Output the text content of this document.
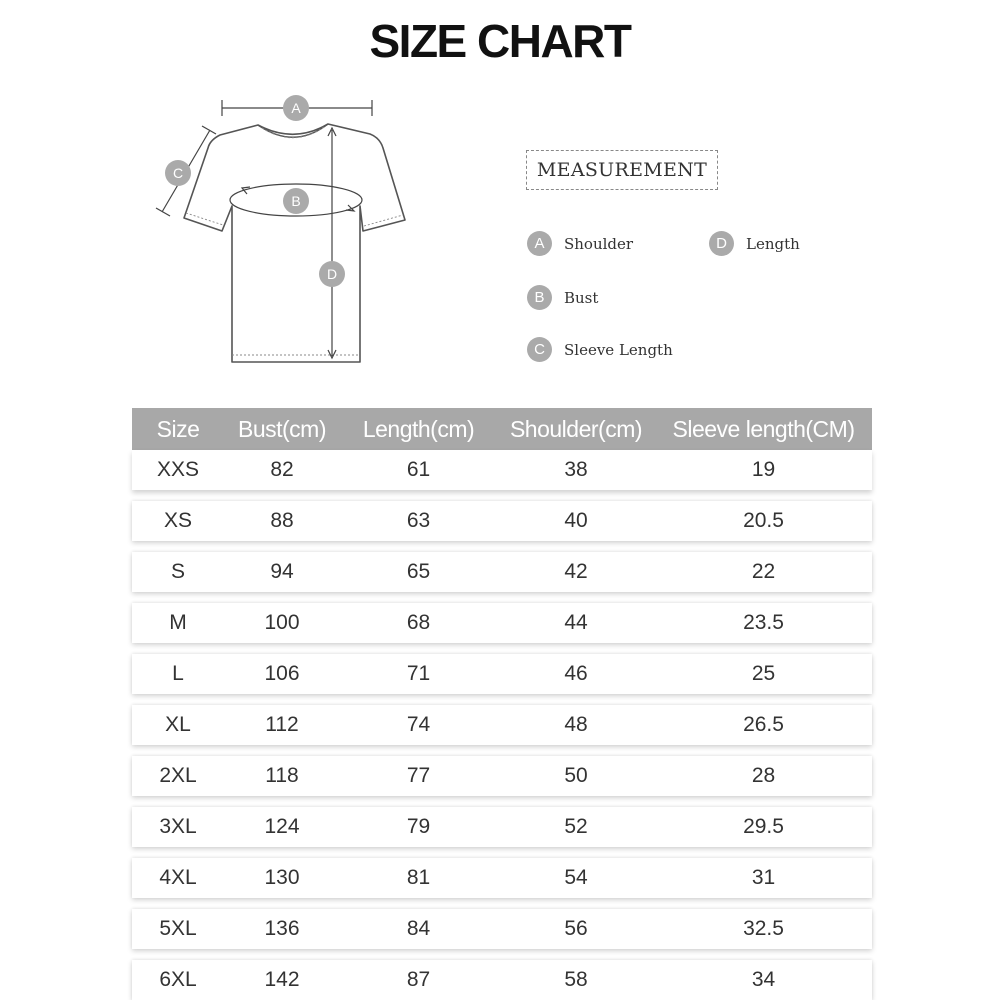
SIZE CHART
A
C
B
D
MEASUREMENT
A	Shoulder
B	Bust
C	Sleeve Length
D	Length
Size	Bust(cm)	Length(cm)	Shoulder(cm)	Sleeve length(CM)
XXS	82	61	38	19
XS	88	63	40	20.5
S	94	65	42	22
M	100	68	44	23.5
L	106	71	46	25
XL	112	74	48	26.5
2XL	118	77	50	28
3XL	124	79	52	29.5
4XL	130	81	54	31
5XL	136	84	56	32.5
6XL	142	87	58	34
